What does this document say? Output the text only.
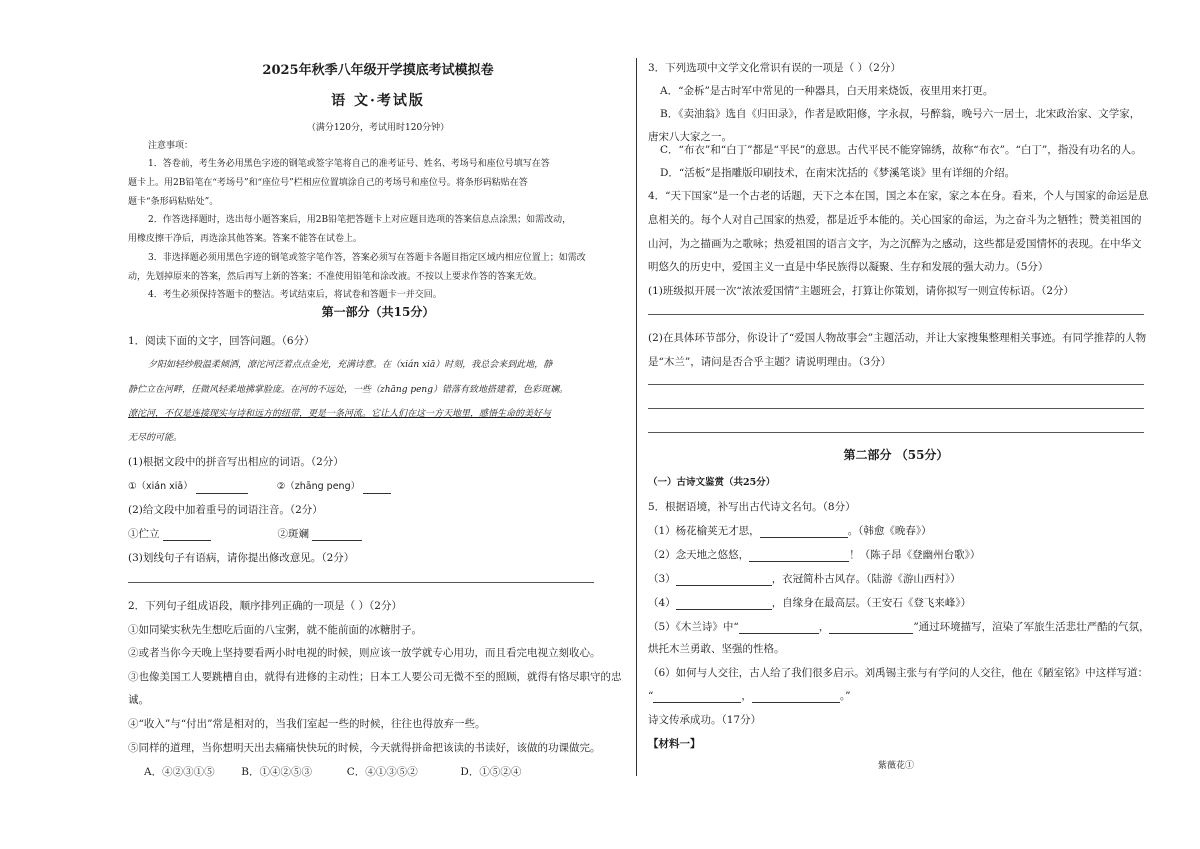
2025年秋季八年级开学摸底考试模拟卷
语 文·考试版
（满分120分，考试用时120分钟）
注意事项：
1．答卷前，考生务必用黑色字迹的钢笔或签字笔将自己的准考证号、姓名、考场号和座位号填写在答
题卡上。用2B铅笔在“考场号”和“座位号”栏相应位置填涂自己的考场号和座位号。将条形码粘贴在答
题卡“条形码粘贴处”。
2．作答选择题时，选出每小题答案后，用2B铅笔把答题卡上对应题目选项的答案信息点涂黑；如需改动，
用橡皮擦干净后，再选涂其他答案。答案不能答在试卷上。
3．非选择题必须用黑色字迹的钢笔或签字笔作答，答案必须写在答题卡各题目指定区域内相应位置上；如需改
动，先划掉原来的答案，然后再写上新的答案；不准使用铅笔和涂改液。不按以上要求作答的答案无效。
4．考生必须保持答题卡的整洁。考试结束后，将试卷和答题卡一并交回。
第一部分（共15分）
1．阅读下面的文字，回答问题。（6分）
夕阳如轻纱般温柔倾洒，潦沱河泛着点点金光，充满诗意。在（xián xiā）时刻，我总会来到此地，静
静伫立在河畔，任微风轻柔地拂掌脸庞。在河的不远处，一些（zhāng peng）错落有致地搭建着，色彩斑斓。
潦沱河，不仅是连接现实与诗和远方的纽带，更是一条河流。它让人们在这一方天地里，感悟生命的美好与
无尽的可能。
(1)根据文段中的拼音写出相应的词语。（2分）
①（xián xiā）	②（zhāng peng）
(2)给文段中加着重号的词语注音。（2分）
①伫立	②斑斓
(3)划线句子有语病，请你提出修改意见。（2分）
2．下列句子组成语段，顺序排列正确的一项是（ ）（2分）
①如同梁实秋先生想吃后面的八宝粥，就不能前面的冰糖肘子。
②或者当你今天晚上坚持要看两小时电视的时候，则应该一放学就专心用功，而且看完电视立刻收心。
③也像美国工人要跳槽自由，就得有进修的主动性；日本工人要公司无微不至的照顾，就得有恪尽职守的忠
诚。
④“收入”与“付出”常是相对的，当我们室起一些的时候，往往也得放弃一些。
⑤同样的道理，当你想明天出去痛痛快快玩的时候，今天就得拼命把该读的书读好，该做的功课做完。
A．④②③①⑤	B．①④②⑤③	C．④①③⑤②	D．①⑤②④
3．下列选项中文学文化常识有误的一项是（ ）（2分）
A．“金柝”是古时军中常见的一种器具，白天用来烧饭，夜里用来打更。
B．《卖油翁》选自《归田录》，作者是欧阳修，字永叔，号醉翁，晚号六一居士，北宋政治家、文学家，
唐宋八大家之一。
C．“布衣”和“白丁”都是“平民”的意思。古代平民不能穿锦绣，故称“布衣”。“白丁”，指没有功名的人。
D．“活板”是指雕版印刷技术，在南宋沈括的《梦溪笔谈》里有详细的介绍。
4．“天下国家”是一个古老的话题，天下之本在国，国之本在家，家之本在身。看来，个人与国家的命运是息
息相关的。每个人对自己国家的热爱，都是近乎本能的。关心国家的命运，为之奋斗为之牺牲；赞美祖国的
山河，为之描画为之歌咏；热爱祖国的语言文字，为之沉醉为之感动，这些都是爱国情怀的表现。在中华文
明悠久的历史中，爱国主义一直是中华民族得以凝聚、生存和发展的强大动力。（5分）
(1)班级拟开展一次“浓浓爱国情”主题班会，打算让你策划，请你拟写一则宣传标语。（2分）
(2)在具体环节部分，你设计了“爱国人物故事会”主题活动，并让大家搜集整理相关事迹。有同学推荐的人物
是“木兰”，请问是否合乎主题？请说明理由。（3分）
第二部分 （55分）
（一）古诗文鉴赏（共25分）
5．根据语境，补写出古代诗文名句。（8分）
（1）杨花榆荚无才思，	。（韩愈《晚春》）
（2）念天地之悠悠，	！（陈子昂《登幽州台歌》）
（3）	，衣冠简朴古风存。（陆游《游山西村》）
（4）	，自缘身在最高层。（王安石《登飞来峰》）
（5）《木兰诗》中“	，	”通过环境描写，渲染了军旅生活悲壮严酷的气氛，
烘托木兰勇敢、坚强的性格。
（6）如何与人交往，古人给了我们很多启示。刘禹锡主张与有学问的人交往，他在《陋室铭》中这样写道：
“	，	。”
诗文传承成功。（17分）
【材料一】
紫薇花①
